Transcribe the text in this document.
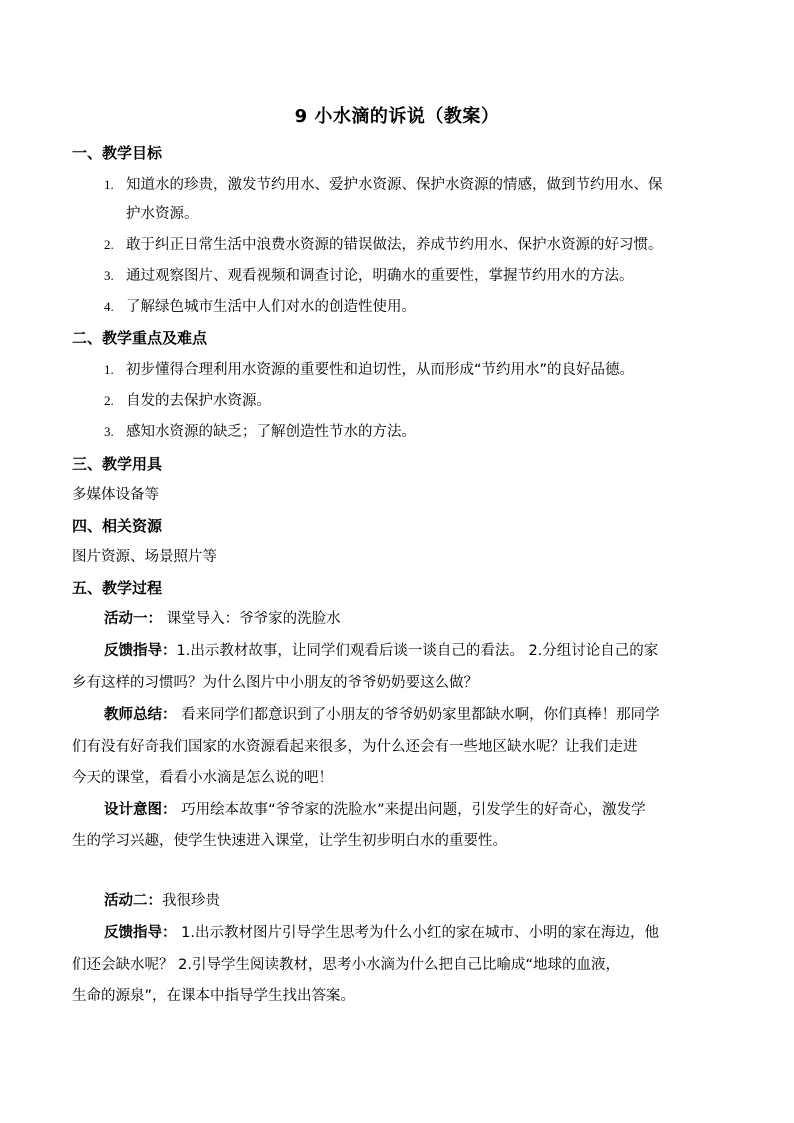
9 小水滴的诉说（教案）
一、教学目标
1. 知道水的珍贵，激发节约用水、爱护水资源、保护水资源的情感，做到节约用水、保
护水资源。
2. 敢于纠正日常生活中浪费水资源的错误做法，养成节约用水、保护水资源的好习惯。
3. 通过观察图片、观看视频和调查讨论，明确水的重要性，掌握节约用水的方法。
4. 了解绿色城市生活中人们对水的创造性使用。
二、教学重点及难点
1. 初步懂得合理利用水资源的重要性和迫切性，从而形成“节约用水”的良好品德。
2. 自发的去保护水资源。
3. 感知水资源的缺乏；了解创造性节水的方法。
三、教学用具
多媒体设备等
四、相关资源
图片资源、场景照片等
五、教学过程
活动一： 课堂导入：爷爷家的洗脸水
反馈指导：1.出示教材故事，让同学们观看后谈一谈自己的看法。 2.分组讨论自己的家
乡有这样的习惯吗？为什么图片中小朋友的爷爷奶奶要这么做？
教师总结： 看来同学们都意识到了小朋友的爷爷奶奶家里都缺水啊，你们真棒！那同学
们有没有好奇我们国家的水资源看起来很多，为什么还会有一些地区缺水呢？让我们走进
今天的课堂，看看小水滴是怎么说的吧！
设计意图： 巧用绘本故事“爷爷家的洗脸水”来提出问题，引发学生的好奇心，激发学
生的学习兴趣，使学生快速进入课堂，让学生初步明白水的重要性。
活动二：我很珍贵
反馈指导： 1.出示教材图片引导学生思考为什么小红的家在城市、小明的家在海边，他
们还会缺水呢？ 2.引导学生阅读教材，思考小水滴为什么把自己比喻成“地球的血液，
生命的源泉”，在课本中指导学生找出答案。
